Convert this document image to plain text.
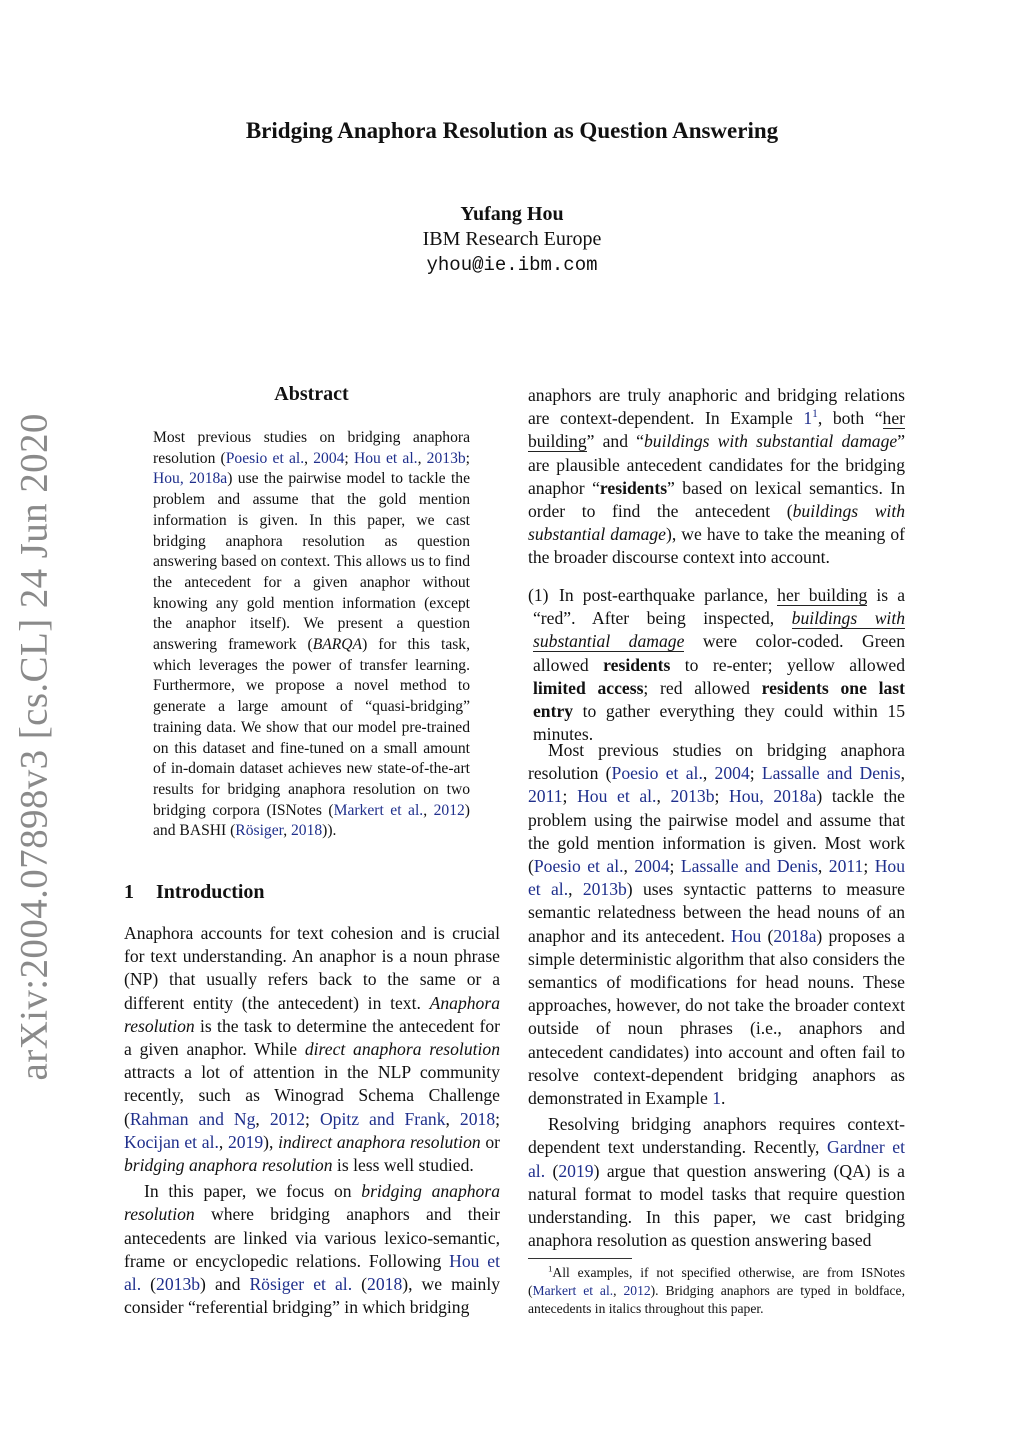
arXiv:2004.07898v3 [cs.CL] 24 Jun 2020
Bridging Anaphora Resolution as Question Answering
Yufang Hou
IBM Research Europe
yhou@ie.ibm.com
Abstract
Most previous studies on bridging anaphora resolution (Poesio et al., 2004; Hou et al., 2013b; Hou, 2018a) use the pairwise model to tackle the problem and assume that the gold mention information is given. In this paper, we cast bridging anaphora resolution as question answering based on context. This allows us to find the antecedent for a given anaphor without knowing any gold mention information (except the anaphor itself). We present a question answering framework (BARQA) for this task, which leverages the power of transfer learning. Furthermore, we propose a novel method to generate a large amount of “quasi-bridging” training data. We show that our model pre-trained on this dataset and fine-tuned on a small amount of in-domain dataset achieves new state-of-the-art results for bridging anaphora resolution on two bridging corpora (ISNotes (Markert et al., 2012) and BASHI (Rösiger, 2018)).
1 Introduction

Anaphora accounts for text cohesion and is crucial for text understanding. An anaphor is a noun phrase (NP) that usually refers back to the same or a different entity (the antecedent) in text. Anaphora resolution is the task to determine the antecedent for a given anaphor. While direct anaphora resolution attracts a lot of attention in the NLP community recently, such as Winograd Schema Challenge (Rahman and Ng, 2012; Opitz and Frank, 2018; Kocijan et al., 2019), indirect anaphora resolution or bridging anaphora resolution is less well studied.

In this paper, we focus on bridging anaphora resolution where bridging anaphors and their antecedents are linked via various lexico-semantic, frame or encyclopedic relations. Following Hou et al. (2013b) and Rösiger et al. (2018), we mainly consider “referential bridging” in which bridging

anaphors are truly anaphoric and bridging relations are context-dependent. In Example 1$^1$, both “her building” and “buildings with substantial damage” are plausible antecedent candidates for the bridging anaphor “residents” based on lexical semantics. In order to find the antecedent (buildings with substantial damage), we have to take the meaning of the broader discourse context into account.

(1) In post-earthquake parlance, her building is a “red”. After being inspected, buildings with substantial damage were color-coded. Green allowed residents to re-enter; yellow allowed limited access; red allowed residents one last entry to gather everything they could within 15 minutes.

Most previous studies on bridging anaphora resolution (Poesio et al., 2004; Lassalle and Denis, 2011; Hou et al., 2013b; Hou, 2018a) tackle the problem using the pairwise model and assume that the gold mention information is given. Most work (Poesio et al., 2004; Lassalle and Denis, 2011; Hou et al., 2013b) uses syntactic patterns to measure semantic relatedness between the head nouns of an anaphor and its antecedent. Hou (2018a) proposes a simple deterministic algorithm that also considers the semantics of modifications for head nouns. These approaches, however, do not take the broader context outside of noun phrases (i.e., anaphors and antecedent candidates) into account and often fail to resolve context-dependent bridging anaphors as demonstrated in Example 1.

Resolving bridging anaphors requires context-dependent text understanding. Recently, Gardner et al. (2019) argue that question answering (QA) is a natural format to model tasks that require question understanding. In this paper, we cast bridging anaphora resolution as question answering based

$^1$All examples, if not specified otherwise, are from ISNotes (Markert et al., 2012). Bridging anaphors are typed in boldface, antecedents in italics throughout this paper.
